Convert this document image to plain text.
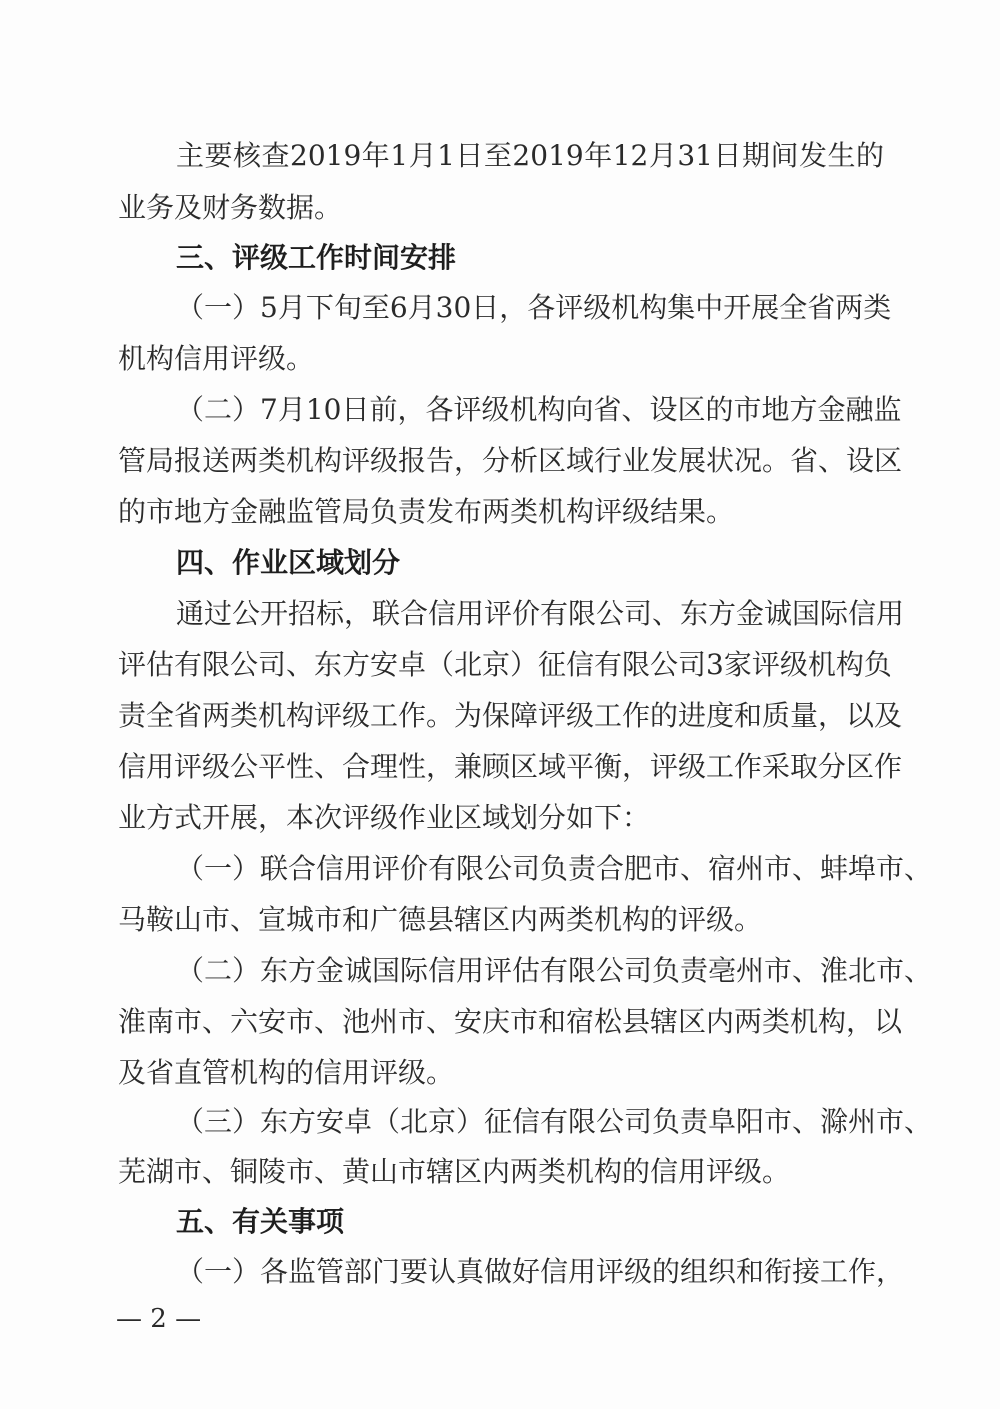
主要核查2019年1月1日至2019年12月31日期间发生的
业务及财务数据。
三、评级工作时间安排
（一）5月下旬至6月30日，各评级机构集中开展全省两类
机构信用评级。
（二）7月10日前，各评级机构向省、设区的市地方金融监
管局报送两类机构评级报告，分析区域行业发展状况。省、设区
的市地方金融监管局负责发布两类机构评级结果。
四、作业区域划分
通过公开招标，联合信用评价有限公司、东方金诚国际信用
评估有限公司、东方安卓（北京）征信有限公司3家评级机构负
责全省两类机构评级工作。为保障评级工作的进度和质量，以及
信用评级公平性、合理性，兼顾区域平衡，评级工作采取分区作
业方式开展，本次评级作业区域划分如下：
（一）联合信用评价有限公司负责合肥市、宿州市、蚌埠市、
马鞍山市、宣城市和广德县辖区内两类机构的评级。
（二）东方金诚国际信用评估有限公司负责亳州市、淮北市、
淮南市、六安市、池州市、安庆市和宿松县辖区内两类机构，以
及省直管机构的信用评级。
（三）东方安卓（北京）征信有限公司负责阜阳市、滁州市、
芜湖市、铜陵市、黄山市辖区内两类机构的信用评级。
五、有关事项
（一）各监管部门要认真做好信用评级的组织和衔接工作，
— 2 —
